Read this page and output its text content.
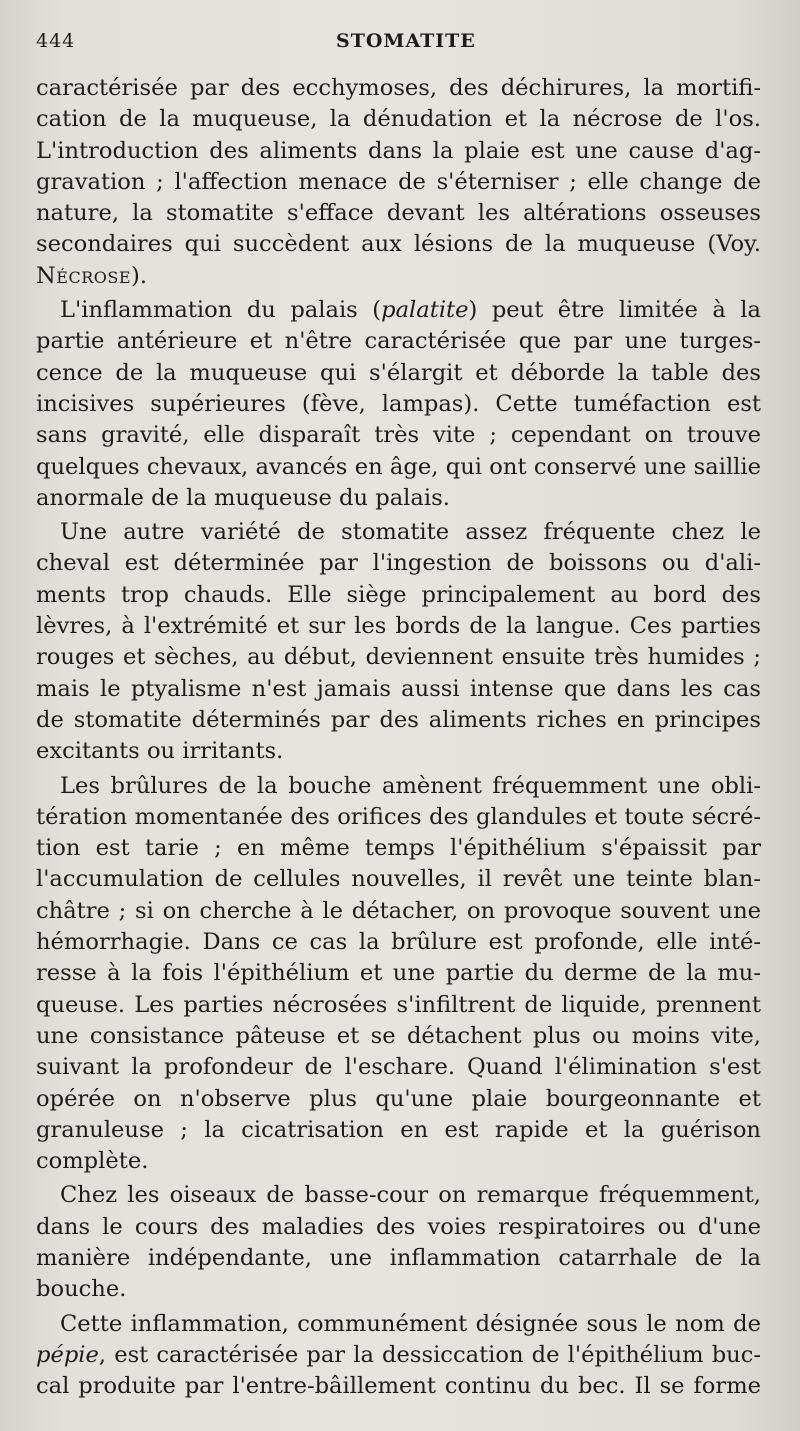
444	STOMATITE
caractérisée par des ecchymoses, des déchirures, la mortifi-
cation de la muqueuse, la dénudation et la nécrose de l'os.
L'introduction des aliments dans la plaie est une cause d'ag-
gravation ; l'affection menace de s'éterniser ; elle change de
nature, la stomatite s'efface devant les altérations osseuses
secondaires qui succèdent aux lésions de la muqueuse (Voy.
Nécrose).
L'inflammation du palais (palatite) peut être limitée à la
partie antérieure et n'être caractérisée que par une turges-
cence de la muqueuse qui s'élargit et déborde la table des
incisives supérieures (fève, lampas). Cette tuméfaction est
sans gravité, elle disparaît très vite ; cependant on trouve
quelques chevaux, avancés en âge, qui ont conservé une saillie
anormale de la muqueuse du palais.
Une autre variété de stomatite assez fréquente chez le
cheval est déterminée par l'ingestion de boissons ou d'ali-
ments trop chauds. Elle siège principalement au bord des
lèvres, à l'extrémité et sur les bords de la langue. Ces parties
rouges et sèches, au début, deviennent ensuite très humides ;
mais le ptyalisme n'est jamais aussi intense que dans les cas
de stomatite déterminés par des aliments riches en principes
excitants ou irritants.
Les brûlures de la bouche amènent fréquemment une obli-
tération momentanée des orifices des glandules et toute sécré-
tion est tarie ; en même temps l'épithélium s'épaissit par
l'accumulation de cellules nouvelles, il revêt une teinte blan-
châtre ; si on cherche à le détacher, on provoque souvent une
hémorrhagie. Dans ce cas la brûlure est profonde, elle inté-
resse à la fois l'épithélium et une partie du derme de la mu-
queuse. Les parties nécrosées s'infiltrent de liquide, prennent
une consistance pâteuse et se détachent plus ou moins vite,
suivant la profondeur de l'eschare. Quand l'élimination s'est
opérée on n'observe plus qu'une plaie bourgeonnante et
granuleuse ; la cicatrisation en est rapide et la guérison
complète.
Chez les oiseaux de basse-cour on remarque fréquemment,
dans le cours des maladies des voies respiratoires ou d'une
manière indépendante, une inflammation catarrhale de la
bouche.
Cette inflammation, communément désignée sous le nom de
pépie, est caractérisée par la dessiccation de l'épithélium buc-
cal produite par l'entre-bâillement continu du bec. Il se forme
